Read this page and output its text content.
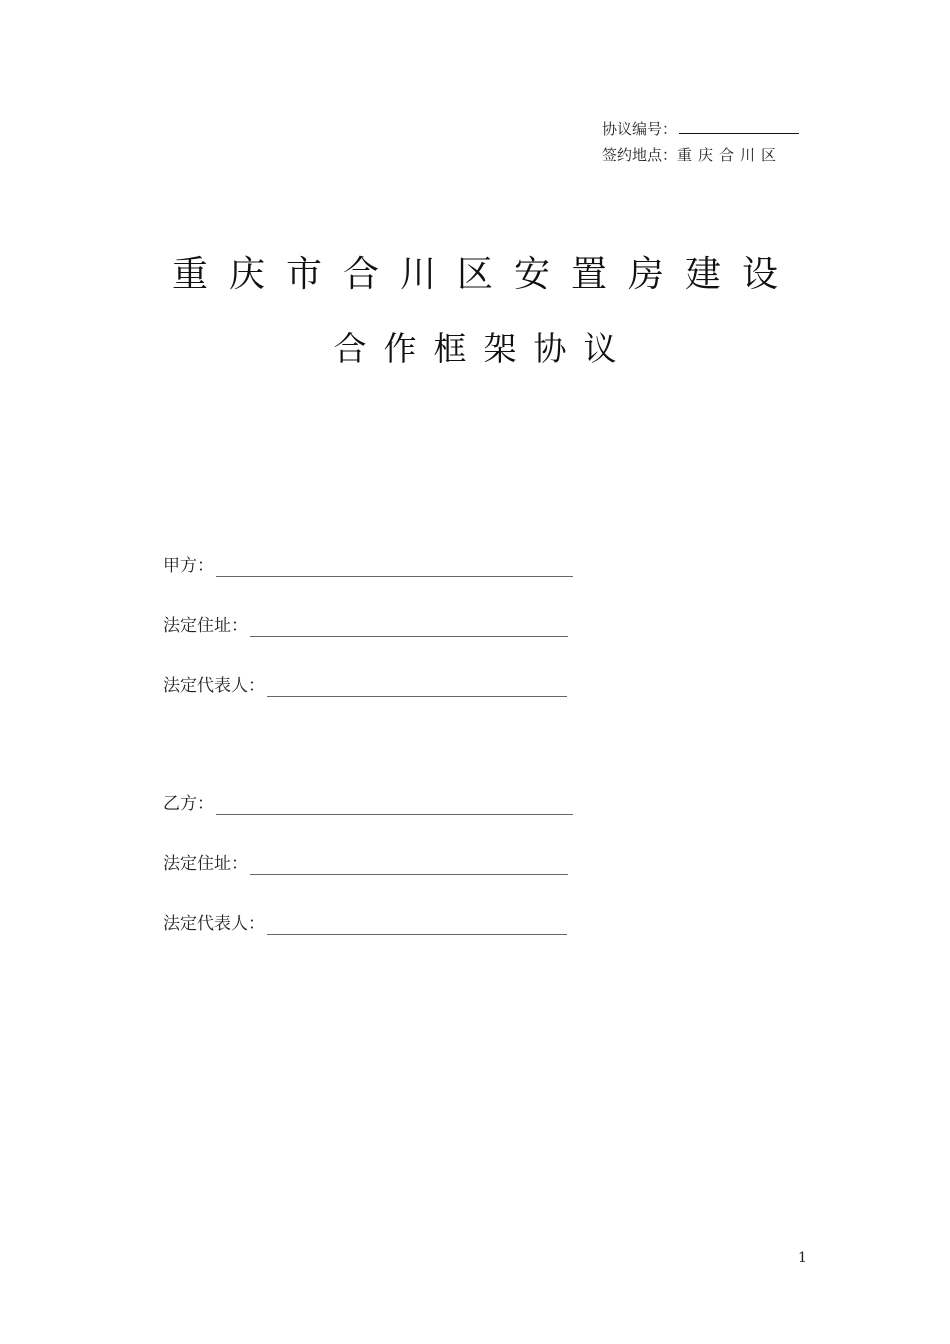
协议编号：
签约地点：重庆合川区
重庆市合川区安置房建设
合作框架协议
甲方：
法定住址：
法定代表人：
乙方：
法定住址：
法定代表人：
1
